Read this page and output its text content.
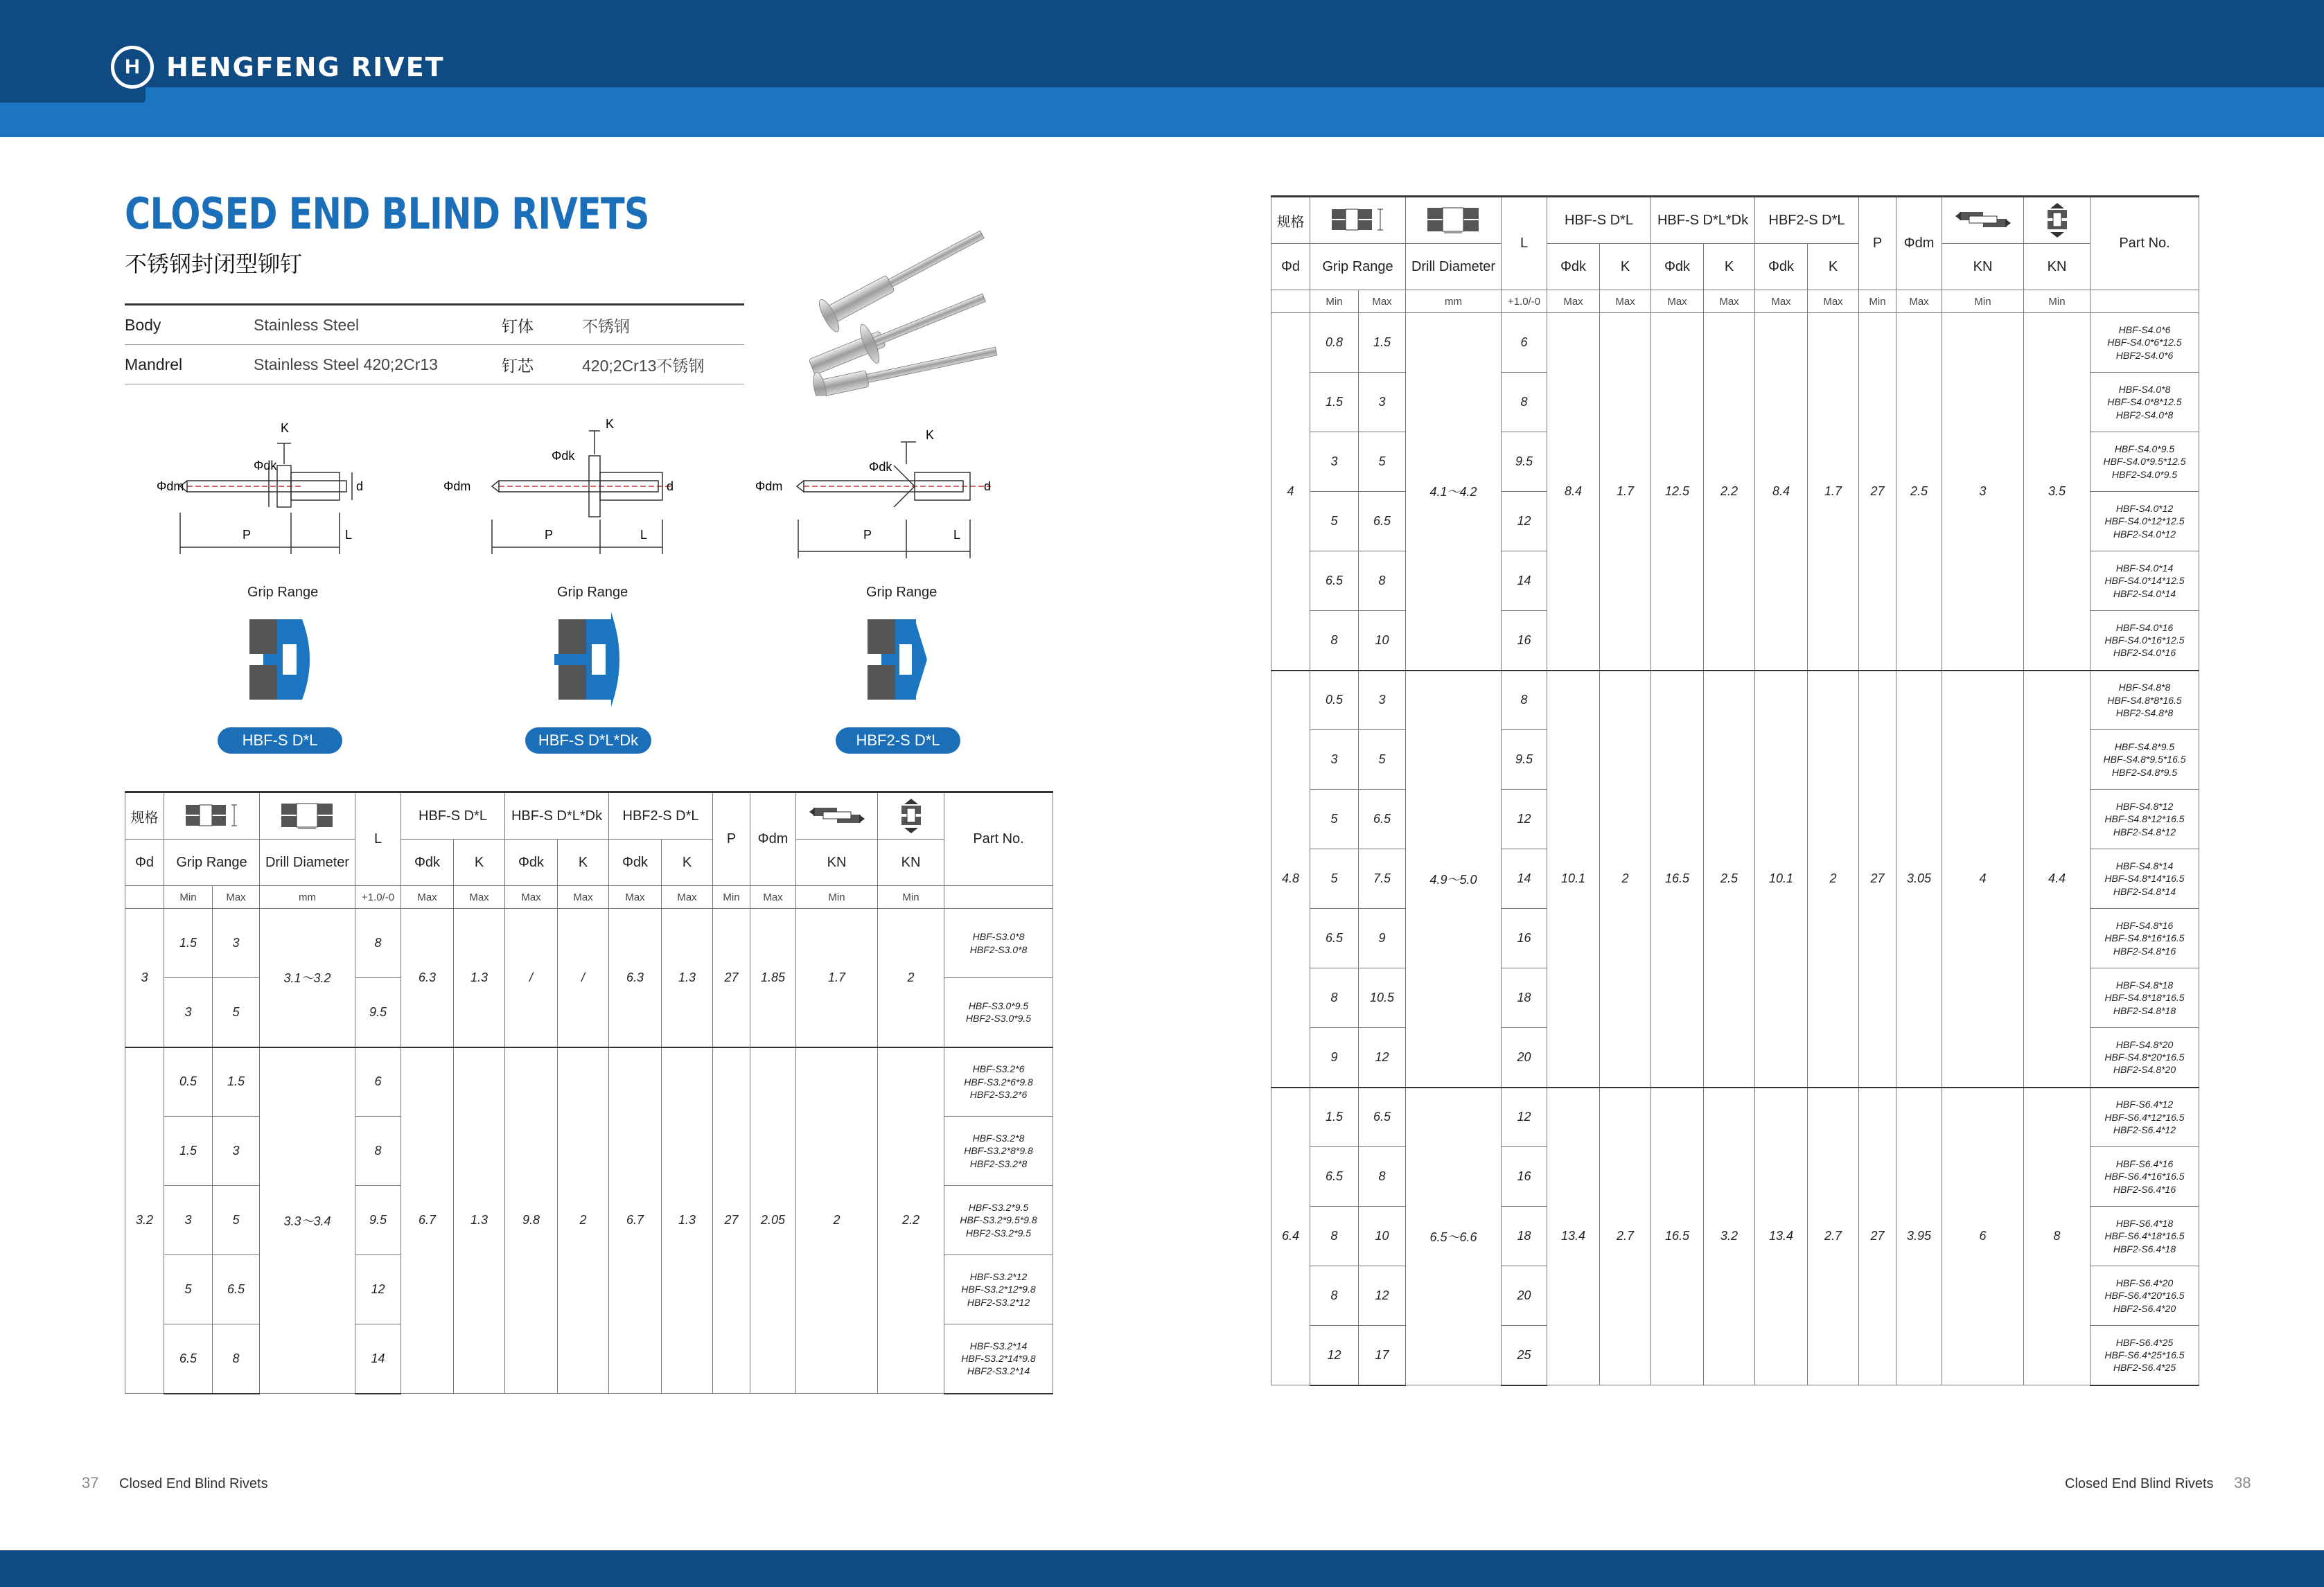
H HENGFENG RIVET
CLOSED END BLIND RIVETS
不锈钢封闭型铆钉
Body	Stainless Steel	钉体	不锈钢
Mandrel	Stainless Steel 420;2Cr13	钉芯	420;2Cr13不锈钢
Φdm
Φdk
K
d
P	L
Φdm
Φdk
K
d
P	L
Φdm
Φdk
K
d
P	L
Grip Range	Grip Range	Grip Range
HBF-S D*L	HBF-S D*L*Dk	HBF2-S D*L
规格				L	HBF-S D*L		HBF-S D*L*Dk		HBF2-S D*L		P	Φdm			Part No.
Φd	Grip Range		Drill Diameter		Φdk	K	Φdk	K	Φdk	K			KN	KN	
	Min	Max	mm	+1.0/-0	Max	Max	Max	Max	Max	Max	Min	Max	Min	Min	
3	1.5	3	3.1～3.2	8	6.3	1.3	/	/	6.3	1.3	27	1.85	1.7	2	HBF-S3.0*8
HBF2-S3.0*8
	3	5		9.5											HBF-S3.0*9.5
HBF2-S3.0*9.5
3.2	0.5	1.5	3.3～3.4	6	6.7	1.3	9.8	2	6.7	1.3	27	2.05	2	2.2	HBF-S3.2*6
HBF-S3.2*6*9.8
HBF2-S3.2*6
	1.5	3		8											HBF-S3.2*8
HBF-S3.2*8*9.8
HBF2-S3.2*8
	3	5		9.5											HBF-S3.2*9.5
HBF-S3.2*9.5*9.8
HBF2-S3.2*9.5
	5	6.5		12											HBF-S3.2*12
HBF-S3.2*12*9.8
HBF2-S3.2*12
	6.5	8		14											HBF-S3.2*14
HBF-S3.2*14*9.8
HBF2-S3.2*14
规格				L	HBF-S D*L		HBF-S D*L*Dk		HBF2-S D*L		P	Φdm			Part No.
Φd	Grip Range		Drill Diameter		Φdk	K	Φdk	K	Φdk	K			KN	KN	
	Min	Max	mm	+1.0/-0	Max	Max	Max	Max	Max	Max	Min	Max	Min	Min	
4	0.8	1.5	4.1～4.2	6	8.4	1.7	12.5	2.2	8.4	1.7	27	2.5	3	3.5	HBF-S4.0*6
HBF-S4.0*6*12.5
HBF2-S4.0*6
	1.5	3		8											HBF-S4.0*8
HBF-S4.0*8*12.5
HBF2-S4.0*8
	3	5		9.5											HBF-S4.0*9.5
HBF-S4.0*9.5*12.5
HBF2-S4.0*9.5
	5	6.5		12											HBF-S4.0*12
HBF-S4.0*12*12.5
HBF2-S4.0*12
	6.5	8		14											HBF-S4.0*14
HBF-S4.0*14*12.5
HBF2-S4.0*14
	8	10		16											HBF-S4.0*16
HBF-S4.0*16*12.5
HBF2-S4.0*16
4.8	0.5	3	4.9～5.0	8	10.1	2	16.5	2.5	10.1	2	27	3.05	4	4.4	HBF-S4.8*8
HBF-S4.8*8*16.5
HBF2-S4.8*8
	3	5		9.5											HBF-S4.8*9.5
HBF-S4.8*9.5*16.5
HBF2-S4.8*9.5
	5	6.5		12											HBF-S4.8*12
HBF-S4.8*12*16.5
HBF2-S4.8*12
	5	7.5		14											HBF-S4.8*14
HBF-S4.8*14*16.5
HBF2-S4.8*14
	6.5	9		16											HBF-S4.8*16
HBF-S4.8*16*16.5
HBF2-S4.8*16
	8	10.5		18											HBF-S4.8*18
HBF-S4.8*18*16.5
HBF2-S4.8*18
	9	12		20											HBF-S4.8*20
HBF-S4.8*20*16.5
HBF2-S4.8*20
6.4	1.5	6.5	6.5～6.6	12	13.4	2.7	16.5	3.2	13.4	2.7	27	3.95	6	8	HBF-S6.4*12
HBF-S6.4*12*16.5
HBF2-S6.4*12
	6.5	8		16											HBF-S6.4*16
HBF-S6.4*16*16.5
HBF2-S6.4*16
	8	10		18											HBF-S6.4*18
HBF-S6.4*18*16.5
HBF2-S6.4*18
	8	12		20											HBF-S6.4*20
HBF-S6.4*20*16.5
HBF2-S6.4*20
	12	17		25											HBF-S6.4*25
HBF-S6.4*25*16.5
HBF2-S6.4*25
37 Closed End Blind Rivets	Closed End Blind Rivets 38
